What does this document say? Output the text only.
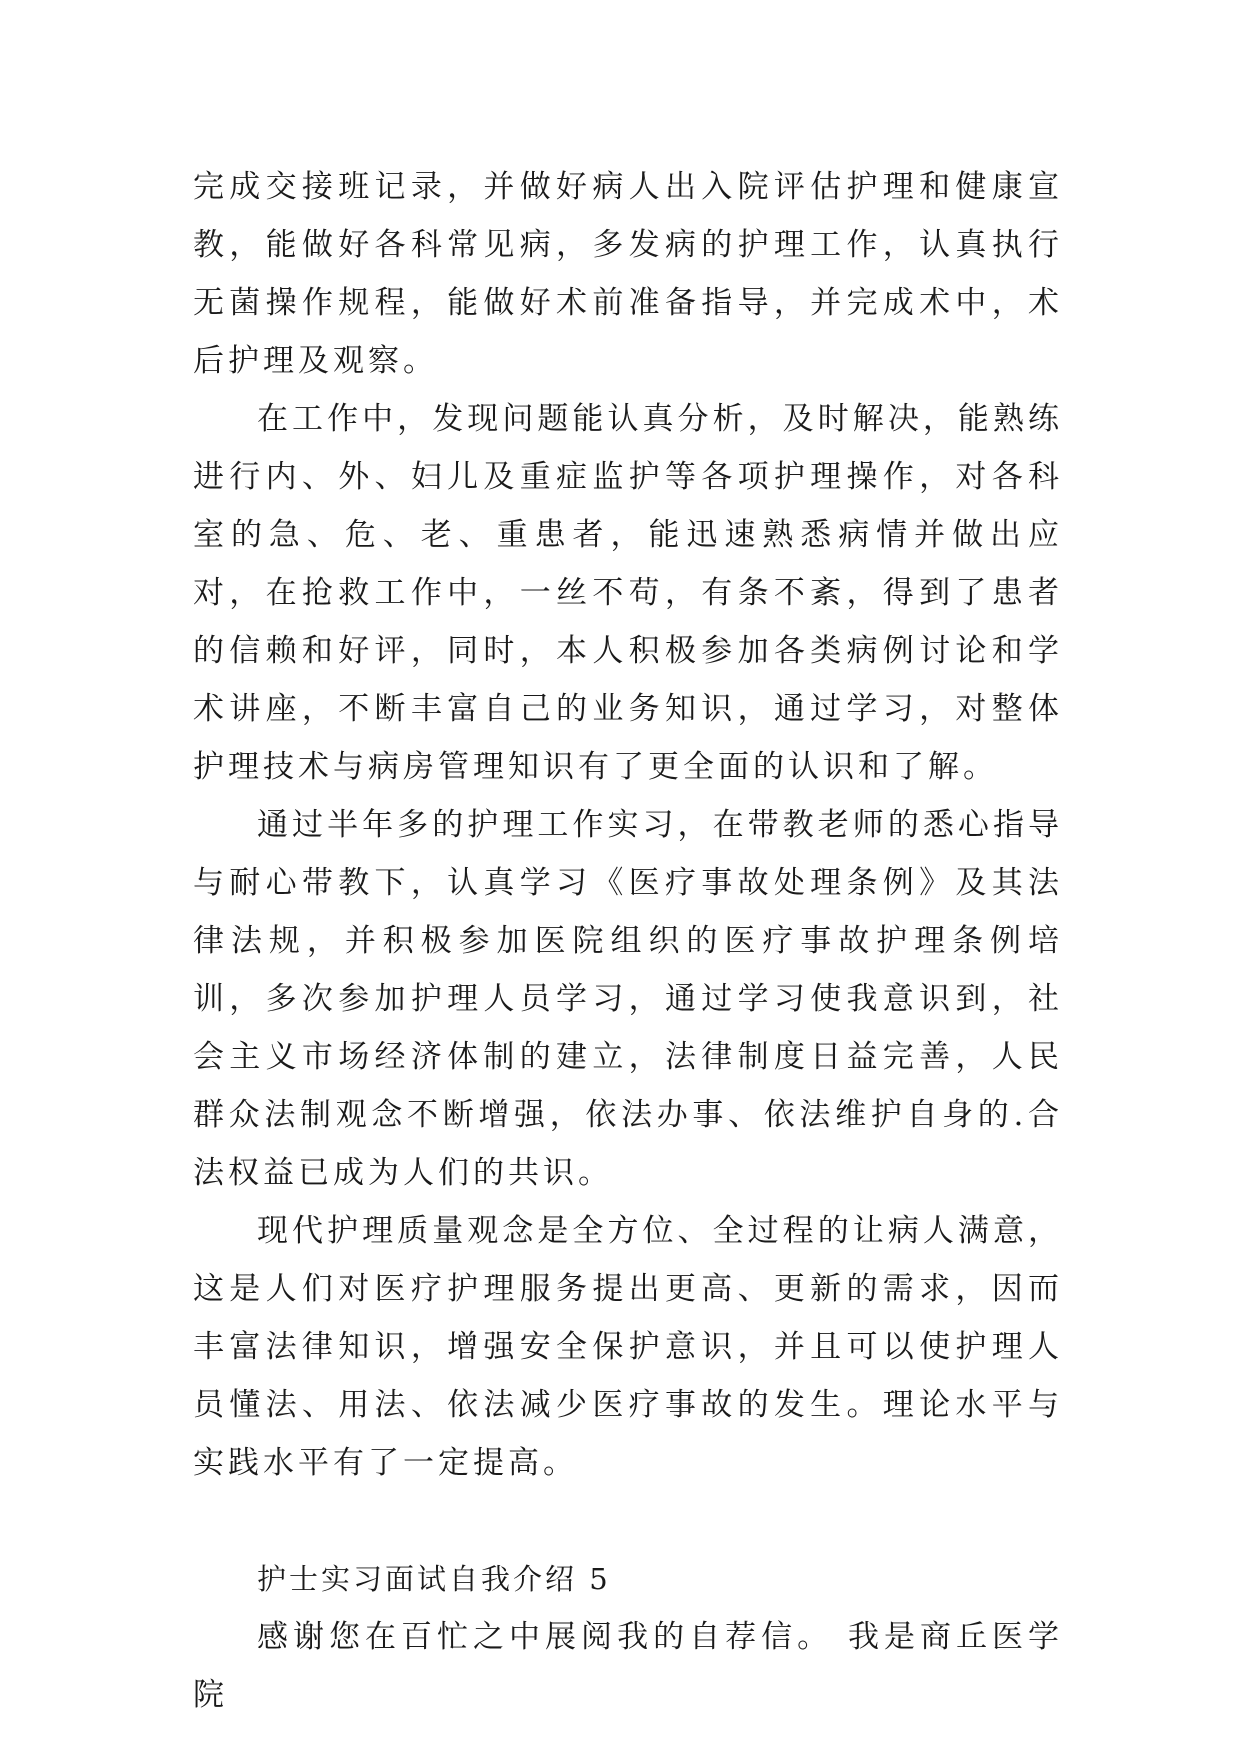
完成交接班记录，并做好病人出入院评估护理和健康宣教，能做好各科常见病，多发病的护理工作，认真执行无菌操作规程，能做好术前准备指导，并完成术中，术后护理及观察。

在工作中，发现问题能认真分析，及时解决，能熟练进行内、外、妇儿及重症监护等各项护理操作，对各科室的急、危、老、重患者，能迅速熟悉病情并做出应对，在抢救工作中，一丝不苟，有条不紊，得到了患者的信赖和好评，同时，本人积极参加各类病例讨论和学术讲座，不断丰富自己的业务知识，通过学习，对整体护理技术与病房管理知识有了更全面的认识和了解。

通过半年多的护理工作实习，在带教老师的悉心指导与耐心带教下，认真学习《医疗事故处理条例》及其法律法规，并积极参加医院组织的医疗事故护理条例培训，多次参加护理人员学习，通过学习使我意识到，社会主义市场经济体制的建立，法律制度日益完善，人民群众法制观念不断增强，依法办事、依法维护自身的.合法权益已成为人们的共识。

现代护理质量观念是全方位、全过程的让病人满意，这是人们对医疗护理服务提出更高、更新的需求，因而丰富法律知识，增强安全保护意识，并且可以使护理人员懂法、用法、依法减少医疗事故的发生。理论水平与实践水平有了一定提高。

护士实习面试自我介绍 5

感谢您在百忙之中展阅我的自荐信。 我是商丘医学院
